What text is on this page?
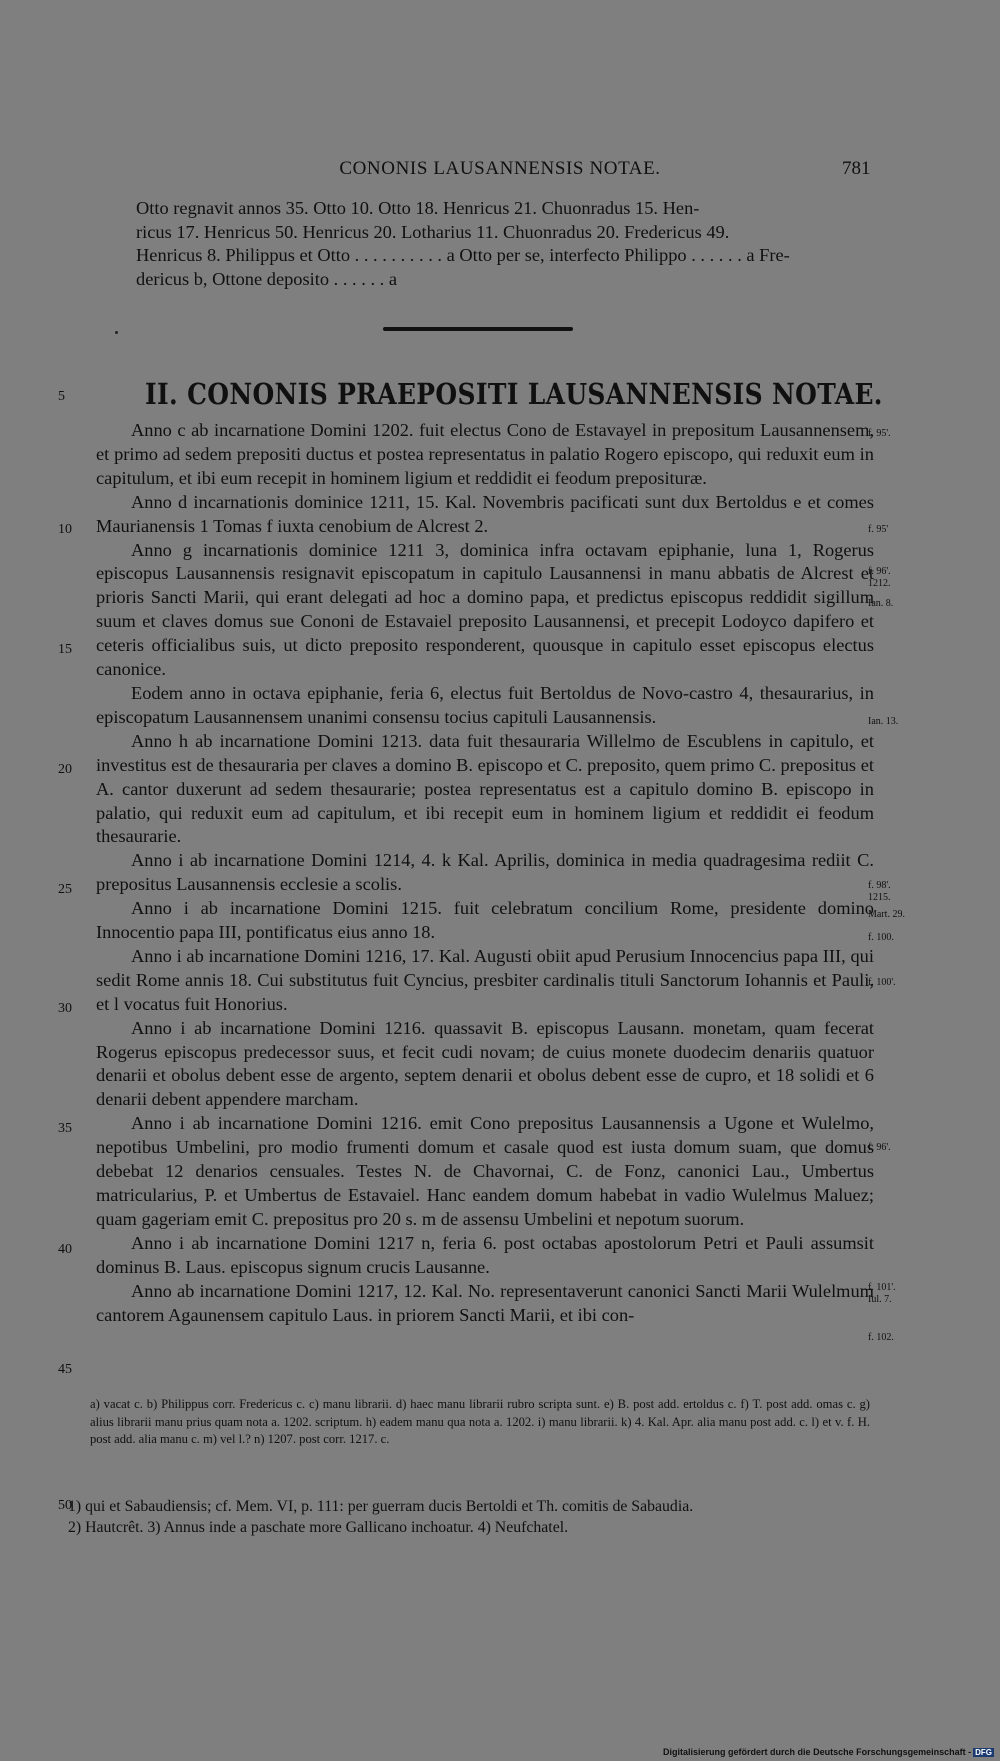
CONONIS LAUSANNENSIS NOTAE.	781

Otto regnavit annos 35. Otto 10. Otto 18. Henricus 21. Chuonradus 15. Hen-

ricus 17. Henricus 50. Henricus 20. Lotharius 11. Chuonradus 20. Fredericus 49.

Henricus 8. Philippus et Otto . . . . . . . . . . a Otto per se, interfecto Philippo . . . . . . a Fre-

dericus b, Ottone deposito . . . . . . a

5	II. CONONIS PRAEPOSITI LAUSANNENSIS NOTAE.
10
15
20
25
30
35
40
45
50

Anno c ab incarnatione Domini 1202. fuit electus Cono de Estavayel in prepositum Lausannensem, et primo ad sedem prepositi ductus et postea representatus in palatio Rogero episcopo, qui reduxit eum in capitulum, et ibi eum recepit in hominem ligium et reddidit ei feodum preposituræ.

Anno d incarnationis dominice 1211, 15. Kal. Novembris pacificati sunt dux Bertoldus e et comes Maurianensis 1 Tomas f iuxta cenobium de Alcrest 2.

Anno g incarnationis dominice 1211 3, dominica infra octavam epiphanie, luna 1, Rogerus episcopus Lausannensis resignavit episcopatum in capitulo Lausannensi in manu abbatis de Alcrest et prioris Sancti Marii, qui erant delegati ad hoc a domino papa, et predictus episcopus reddidit sigillum suum et claves domus sue Cononi de Estavaiel preposito Lausannensi, et precepit Lodoyco dapifero et ceteris officialibus suis, ut dicto preposito responderent, quousque in capitulo esset episcopus electus canonice.

Eodem anno in octava epiphanie, feria 6, electus fuit Bertoldus de Novo-castro 4, thesaurarius, in episcopatum Lausannensem unanimi consensu tocius capituli Lausannensis.

Anno h ab incarnatione Domini 1213. data fuit thesauraria Willelmo de Escublens in capitulo, et investitus est de thesauraria per claves a domino B. episcopo et C. preposito, quem primo C. prepositus et A. cantor duxerunt ad sedem thesaurarie; postea representatus est a capitulo domino B. episcopo in palatio, qui reduxit eum ad capitulum, et ibi recepit eum in hominem ligium et reddidit ei feodum thesaurarie.

Anno i ab incarnatione Domini 1214, 4. k Kal. Aprilis, dominica in media quadragesima rediit C. prepositus Lausannensis ecclesie a scolis.

Anno i ab incarnatione Domini 1215. fuit celebratum concilium Rome, presidente domino Innocentio papa III, pontificatus eius anno 18.

Anno i ab incarnatione Domini 1216, 17. Kal. Augusti obiit apud Perusium Innocencius papa III, qui sedit Rome annis 18. Cui substitutus fuit Cyncius, presbiter cardinalis tituli Sanctorum Iohannis et Pauli, et l vocatus fuit Honorius.

Anno i ab incarnatione Domini 1216. quassavit B. episcopus Lausann. monetam, quam fecerat Rogerus episcopus predecessor suus, et fecit cudi novam; de cuius monete duodecim denariis quatuor denarii et obolus debent esse de argento, septem denarii et obolus debent esse de cupro, et 18 solidi et 6 denarii debent appendere marcham.

Anno i ab incarnatione Domini 1216. emit Cono prepositus Lausannensis a Ugone et Wulelmo, nepotibus Umbelini, pro modio frumenti domum et casale quod est iusta domum suam, que domus debebat 12 denarios censuales. Testes N. de Chavornai, C. de Fonz, canonici Lau., Umbertus matricularius, P. et Umbertus de Estavaiel. Hanc eandem domum habebat in vadio Wulelmus Maluez; quam gageriam emit C. prepositus pro 20 s. m de assensu Umbelini et nepotum suorum.

Anno i ab incarnatione Domini 1217 n, feria 6. post octabas apostolorum Petri et Pauli assumsit dominus B. Laus. episcopus signum crucis Lausanne.

Anno ab incarnatione Domini 1217, 12. Kal. No. representaverunt canonici Sancti Marii Wulelmum cantorem Agaunensem capitulo Laus. in priorem Sancti Marii, et ibi con-

f. 95'.
f. 95'
f. 96'.
1212.
Ian. 8.
Ian. 13.
f. 98'.
1215.
Mart. 29.
f. 100.
f. 100'.
f. 96'.
f. 101'.
Iul. 7.
f. 102.
a) vacat c. b) Philippus corr. Fredericus c. c) manu librarii. d) haec manu librarii rubro scripta sunt. e) B. post add. ertoldus c. f) T. post add. omas c. g) alius librarii manu prius quam nota a. 1202. scriptum. h) eadem manu qua nota a. 1202. i) manu librarii. k) 4. Kal. Apr. alia manu post add. c. l) et v. f. H. post add. alia manu c. m) vel l.? n) 1207. post corr. 1217. c.
1) qui et Sabaudiensis; cf. Mem. VI, p. 111: per guerram ducis Bertoldi et Th. comitis de Sabaudia.
2) Hautcrêt. 3) Annus inde a paschate more Gallicano inchoatur. 4) Neufchatel.
Digitalisierung gefördert durch die Deutsche Forschungsgemeinschaft - DFG
